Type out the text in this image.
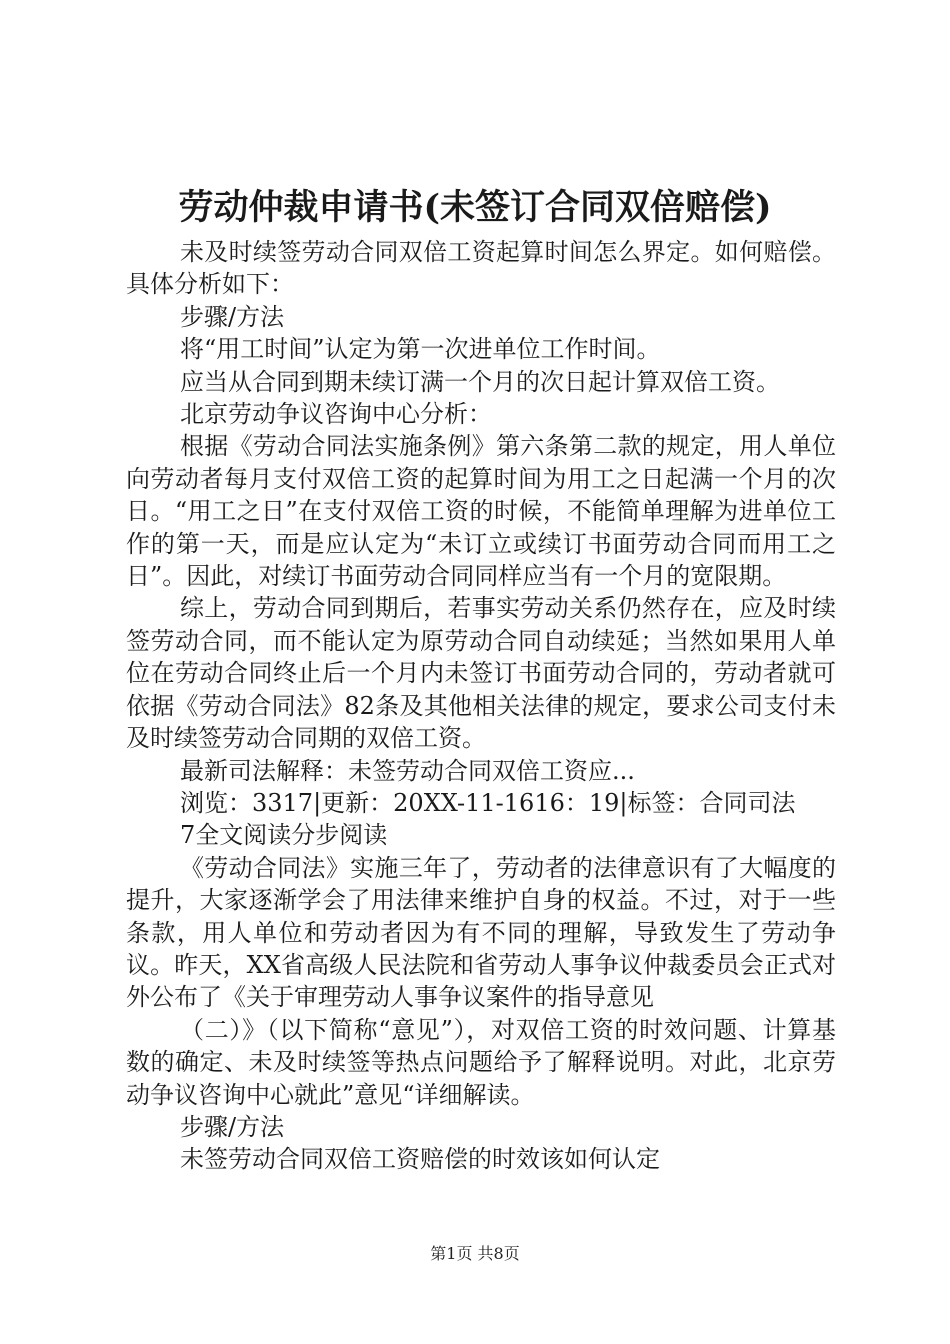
劳动仲裁申请书(未签订合同双倍赔偿)

未及时续签劳动合同双倍工资起算时间怎么界定。如何赔偿。具体分析如下：

步骤/方法

将“用工时间”认定为第一次进单位工作时间。

应当从合同到期未续订满一个月的次日起计算双倍工资。

北京劳动争议咨询中心分析：

根据《劳动合同法实施条例》第六条第二款的规定，用人单位向劳动者每月支付双倍工资的起算时间为用工之日起满一个月的次日。“用工之日”在支付双倍工资的时候，不能简单理解为进单位工作的第一天，而是应认定为“未订立或续订书面劳动合同而用工之日”。因此，对续订书面劳动合同同样应当有一个月的宽限期。

综上，劳动合同到期后，若事实劳动关系仍然存在，应及时续签劳动合同，而不能认定为原劳动合同自动续延；当然如果用人单位在劳动合同终止后一个月内未签订书面劳动合同的，劳动者就可依据《劳动合同法》82条及其他相关法律的规定，要求公司支付未及时续签劳动合同期的双倍工资。

最新司法解释：未签劳动合同双倍工资应...

浏览：3317|更新：20XX-11-1616：19|标签：合同司法

7全文阅读分步阅读

《劳动合同法》实施三年了，劳动者的法律意识有了大幅度的提升，大家逐渐学会了用法律来维护自身的权益。不过，对于一些条款，用人单位和劳动者因为有不同的理解，导致发生了劳动争议。昨天，XX省高级人民法院和省劳动人事争议仲裁委员会正式对外公布了《关于审理劳动人事争议案件的指导意见

（二）》（以下简称“意见”），对双倍工资的时效问题、计算基数的确定、未及时续签等热点问题给予了解释说明。对此，北京劳动争议咨询中心就此”意见“详细解读。

步骤/方法

未签劳动合同双倍工资赔偿的时效该如何认定

第1页 共8页
